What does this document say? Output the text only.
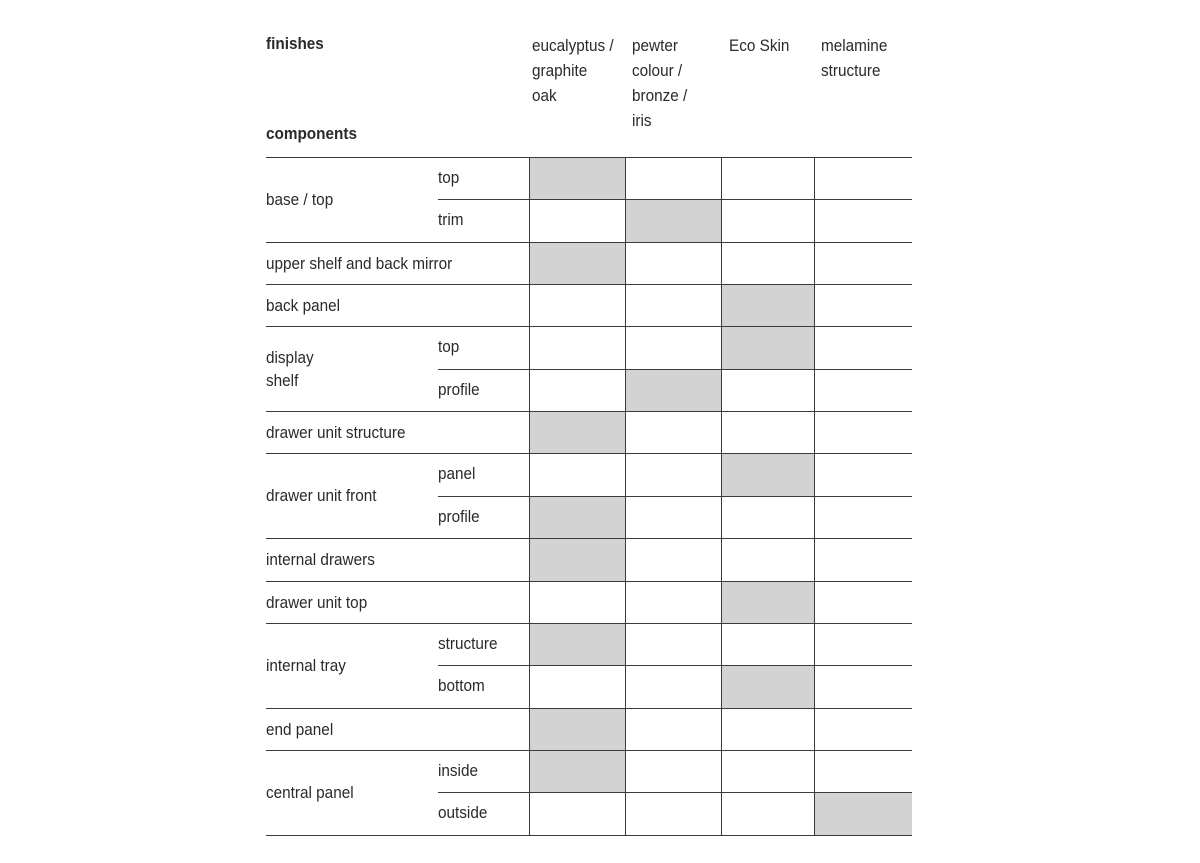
finishes
components
eucalyptus /
graphite
oak
pewter
colour /
bronze /
iris
Eco Skin melamine
structure
base / top
top
trim
upper shelf and back mirror
back panel
display
shelf
top
profile
drawer unit structure
drawer unit front
panel
profile
internal drawers
drawer unit top
internal tray
structure
bottom
end panel
central panel
inside
outside
